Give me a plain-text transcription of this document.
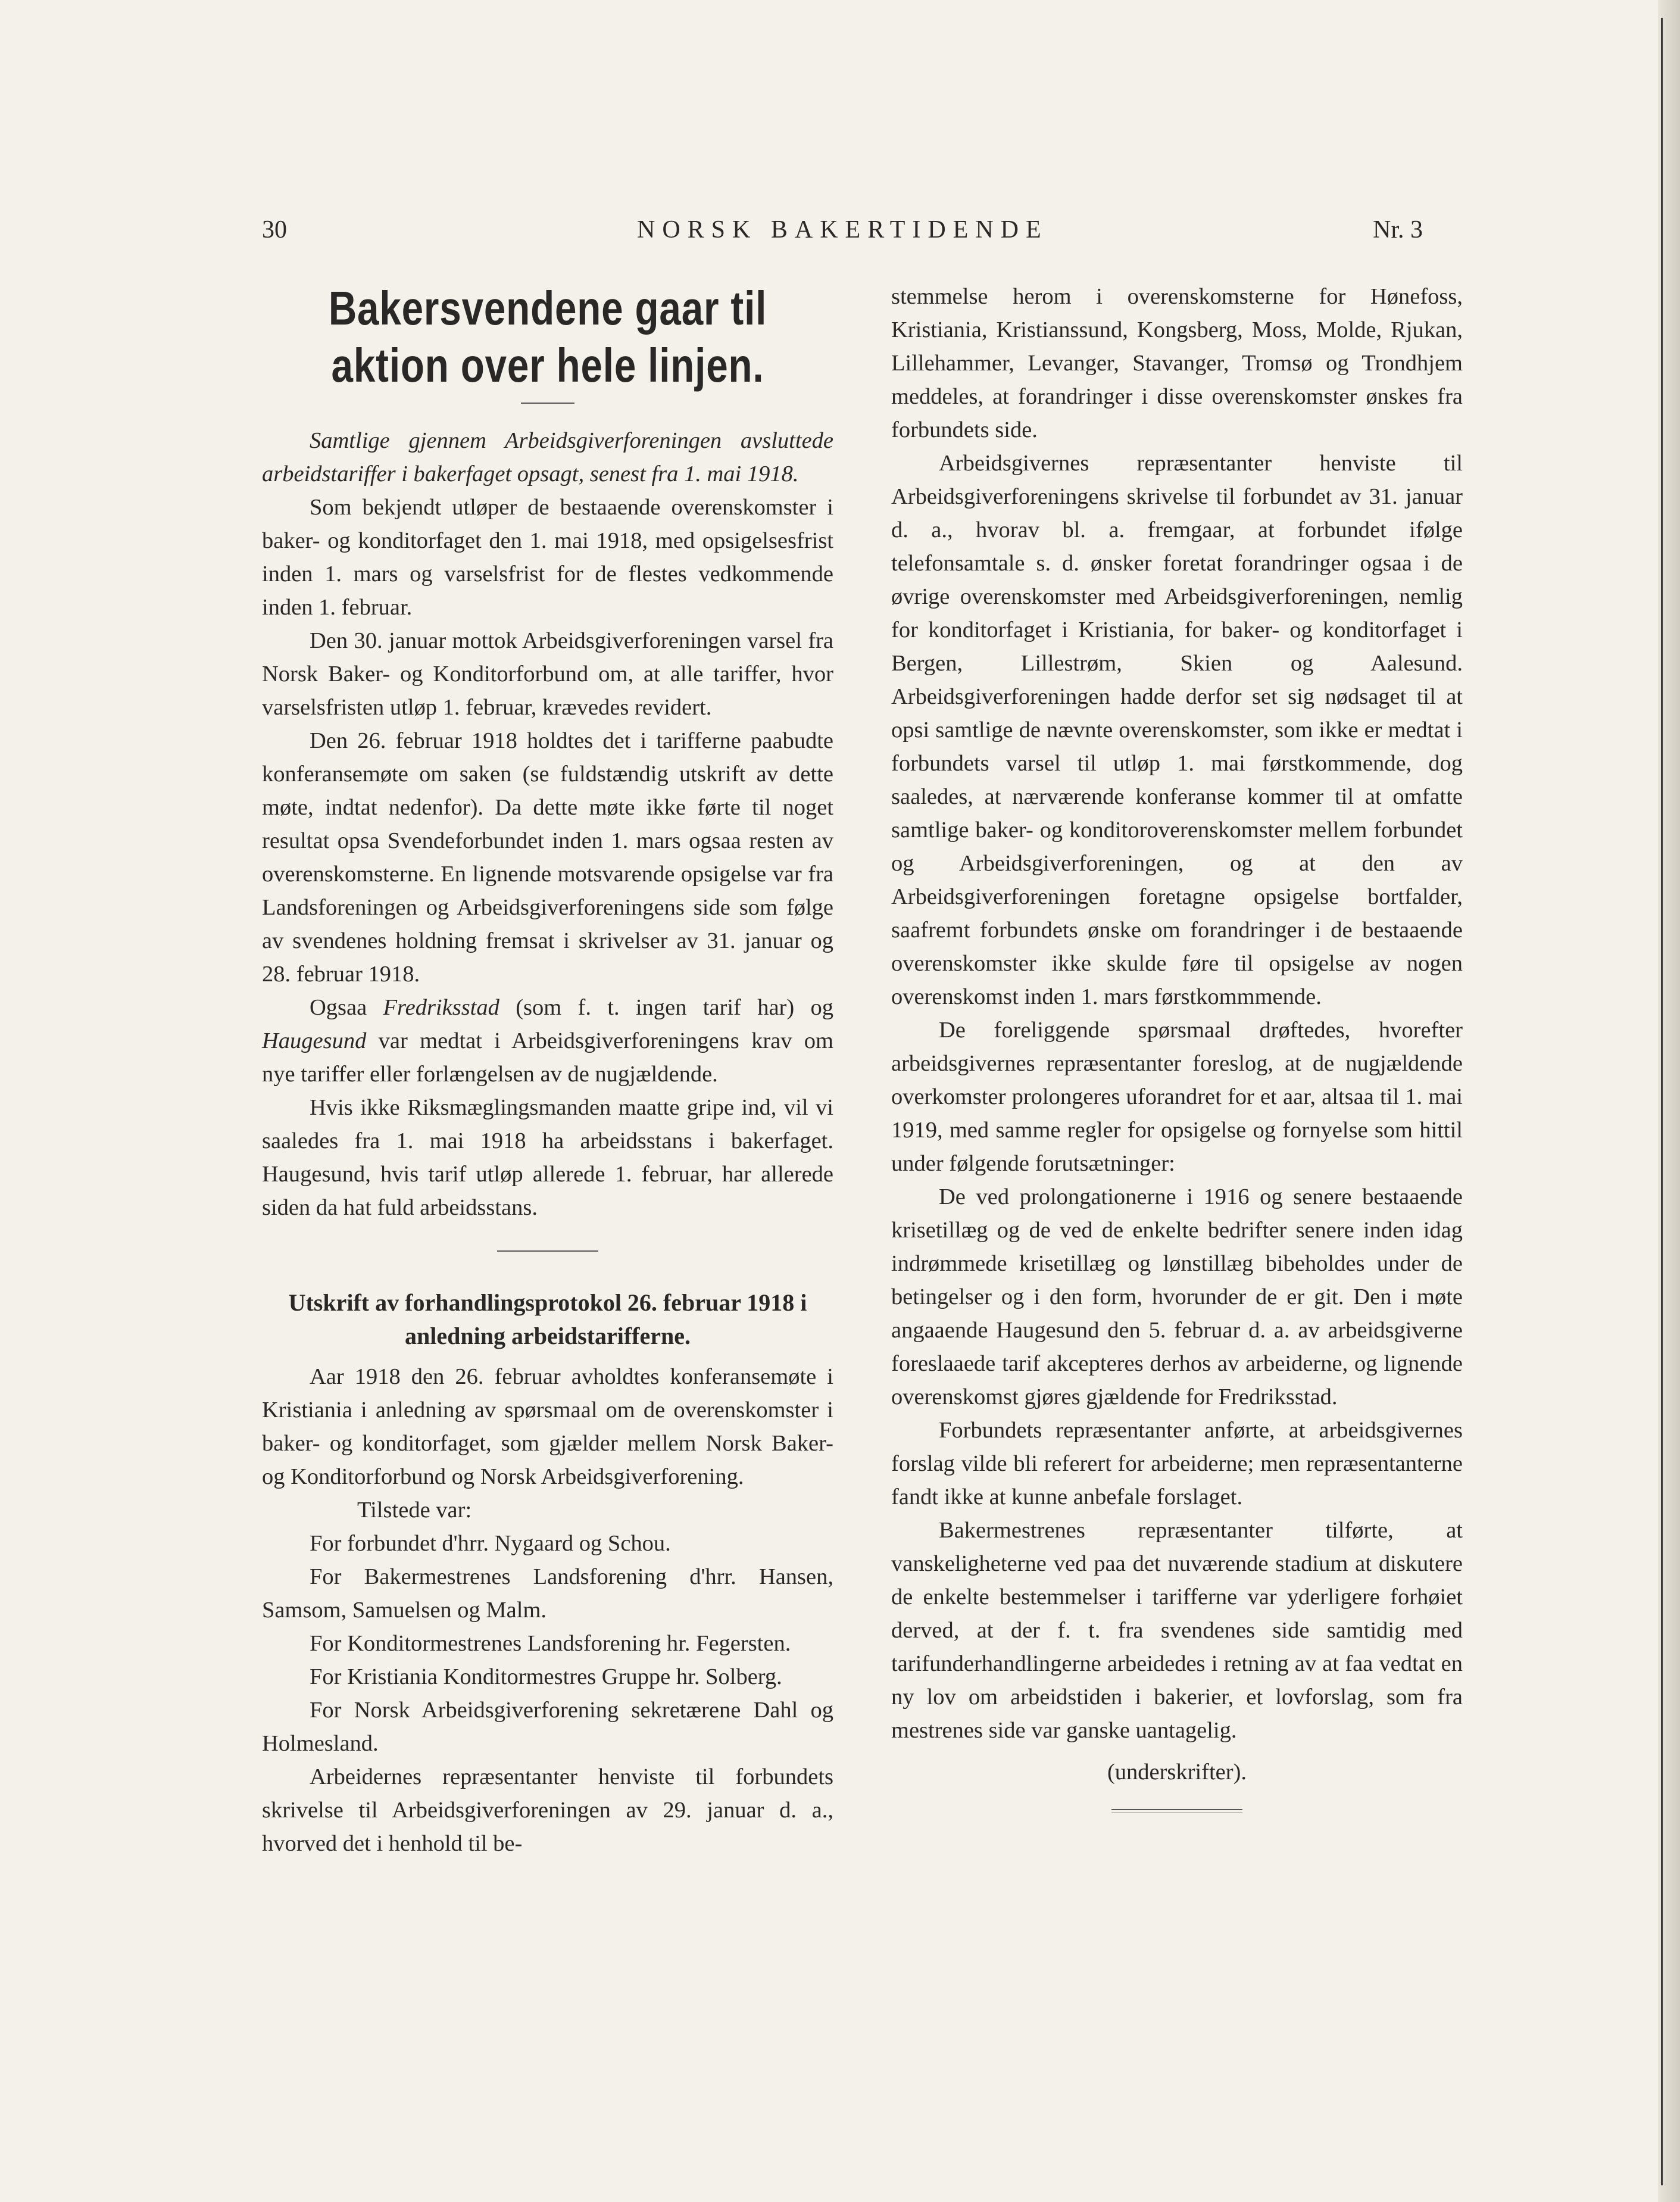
30	NORSK BAKERTIDENDE	Nr. 3
Bakersvendene gaar til aktion over hele linjen.

Samtlige gjennem Arbeidsgiverforeningen avsluttede arbeidstariffer i bakerfaget opsagt, senest fra 1. mai 1918.

Som bekjendt utløper de bestaaende overenskomster i baker- og konditorfaget den 1. mai 1918, med opsigelsesfrist inden 1. mars og varselsfrist for de flestes vedkommende inden 1. februar.

Den 30. januar mottok Arbeidsgiverforeningen varsel fra Norsk Baker- og Konditorforbund om, at alle tariffer, hvor varselsfristen utløp 1. februar, krævedes revidert.

Den 26. februar 1918 holdtes det i tarifferne paabudte konferansemøte om saken (se fuldstændig utskrift av dette møte, indtat nedenfor). Da dette møte ikke førte til noget resultat opsa Svendeforbundet inden 1. mars ogsaa resten av overenskomsterne. En lignende motsvarende opsigelse var fra Landsforeningen og Arbeidsgiverforeningens side som følge av svendenes holdning fremsat i skrivelser av 31. januar og 28. februar 1918.

Ogsaa Fredriksstad (som f. t. ingen tarif har) og Haugesund var medtat i Arbeidsgiverforeningens krav om nye tariffer eller forlængelsen av de nugjældende.

Hvis ikke Riksmæglingsmanden maatte gripe ind, vil vi saaledes fra 1. mai 1918 ha arbeidsstans i bakerfaget. Haugesund, hvis tarif utløp allerede 1. februar, har allerede siden da hat fuld arbeidsstans.

Utskrift av forhandlingsprotokol 26. februar 1918 i anledning arbeidstarifferne.

Aar 1918 den 26. februar avholdtes konferansemøte i Kristiania i anledning av spørsmaal om de overenskomster i baker- og konditorfaget, som gjælder mellem Norsk Baker- og Konditorforbund og Norsk Arbeidsgiverforening.

Tilstede var:

For forbundet d'hrr. Nygaard og Schou.

For Bakermestrenes Landsforening d'hrr. Hansen, Samsom, Samuelsen og Malm.

For Konditormestrenes Landsforening hr. Fegersten.

For Kristiania Konditormestres Gruppe hr. Solberg.

For Norsk Arbeidsgiverforening sekretærene Dahl og Holmesland.

Arbeidernes repræsentanter henviste til forbundets skrivelse til Arbeidsgiverforeningen av 29. januar d. a., hvorved det i henhold til be-

stemmelse herom i overenskomsterne for Hønefoss, Kristiania, Kristianssund, Kongsberg, Moss, Molde, Rjukan, Lillehammer, Levanger, Stavanger, Tromsø og Trondhjem meddeles, at forandringer i disse overenskomster ønskes fra forbundets side.

Arbeidsgivernes repræsentanter henviste til Arbeidsgiverforeningens skrivelse til forbundet av 31. januar d. a., hvorav bl. a. fremgaar, at forbundet ifølge telefonsamtale s. d. ønsker foretat forandringer ogsaa i de øvrige overenskomster med Arbeidsgiverforeningen, nemlig for konditorfaget i Kristiania, for baker- og konditorfaget i Bergen, Lillestrøm, Skien og Aalesund. Arbeidsgiverforeningen hadde derfor set sig nødsaget til at opsi samtlige de nævnte overenskomster, som ikke er medtat i forbundets varsel til utløp 1. mai førstkommende, dog saaledes, at nærværende konferanse kommer til at omfatte samtlige baker- og konditoroverenskomster mellem forbundet og Arbeidsgiverforeningen, og at den av Arbeidsgiverforeningen foretagne opsigelse bortfalder, saafremt forbundets ønske om forandringer i de bestaaende overenskomster ikke skulde føre til opsigelse av nogen overenskomst inden 1. mars førstkommmende.

De foreliggende spørsmaal drøftedes, hvorefter arbeidsgivernes repræsentanter foreslog, at de nugjældende overkomster prolongeres uforandret for et aar, altsaa til 1. mai 1919, med samme regler for opsigelse og fornyelse som hittil under følgende forutsætninger:

De ved prolongationerne i 1916 og senere bestaaende krisetillæg og de ved de enkelte bedrifter senere inden idag indrømmede krisetillæg og lønstillæg bibeholdes under de betingelser og i den form, hvorunder de er git. Den i møte angaaende Haugesund den 5. februar d. a. av arbeidsgiverne foreslaaede tarif akcepteres derhos av arbeiderne, og lignende overenskomst gjøres gjældende for Fredriksstad.

Forbundets repræsentanter anførte, at arbeidsgivernes forslag vilde bli referert for arbeiderne; men repræsentanterne fandt ikke at kunne anbefale forslaget.

Bakermestrenes repræsentanter tilførte, at vanskeligheterne ved paa det nuværende stadium at diskutere de enkelte bestemmelser i tarifferne var yderligere forhøiet derved, at der f. t. fra svendenes side samtidig med tarifunderhandlingerne arbeidedes i retning av at faa vedtat en ny lov om arbeidstiden i bakerier, et lovforslag, som fra mestrenes side var ganske uantagelig.

(underskrifter).
